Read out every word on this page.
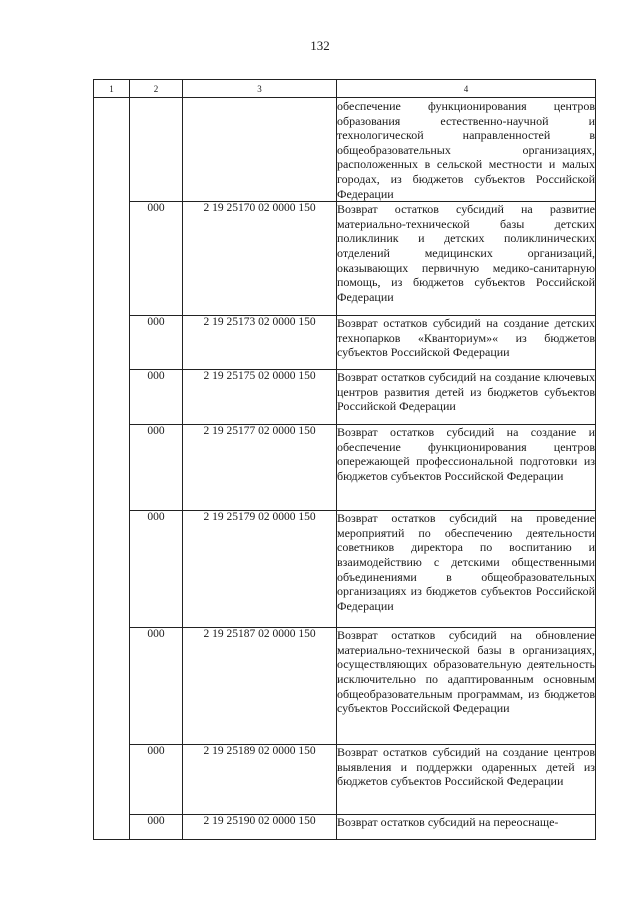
132
1	2	3	4
			обеспечение функционирования центров образования естественно-научной и технологической направленностей в общеобразовательных организациях, расположенных в сельской местности и малых городах, из бюджетов субъектов Российской Федерации
	000	2 19 25170 02 0000 150	Возврат остатков субсидий на развитие материально-технической базы детских поликлиник и детских поликлинических отделений медицинских организаций, оказывающих первичную медико-санитарную помощь, из бюджетов субъектов Российской Федерации
	000	2 19 25173 02 0000 150	Возврат остатков субсидий на создание детских технопарков «Кванториум»« из бюджетов субъектов Российской Федерации
	000	2 19 25175 02 0000 150	Возврат остатков субсидий на создание ключевых центров развития детей из бюджетов субъектов Российской Федерации
	000	2 19 25177 02 0000 150	Возврат остатков субсидий на создание и обеспечение функционирования центров опережающей профессиональной подготовки из бюджетов субъектов Российской Федерации
	000	2 19 25179 02 0000 150	Возврат остатков субсидий на проведение мероприятий по обеспечению деятельности советников директора по воспитанию и взаимодействию с детскими общественными объединениями в общеобразовательных организациях из бюджетов субъектов Российской Федерации
	000	2 19 25187 02 0000 150	Возврат остатков субсидий на обновление материально-технической базы в организациях, осуществляющих образовательную деятельность исключительно по адаптированным основным общеобразовательным программам, из бюджетов субъектов Российской Федерации
	000	2 19 25189 02 0000 150	Возврат остатков субсидий на создание центров выявления и поддержки одаренных детей из бюджетов субъектов Российской Федерации
	000	2 19 25190 02 0000 150	Возврат остатков субсидий на переоснаще-
